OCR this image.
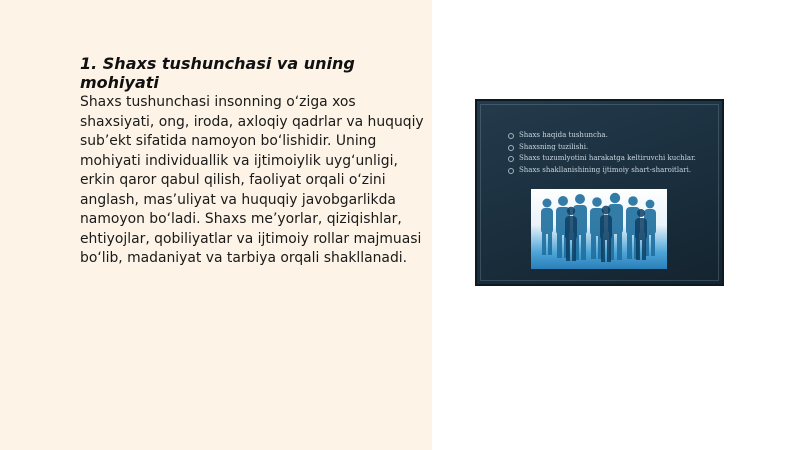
1. Shaxs tushunchasi va uning mohiyati

Shaxs tushunchasi insonning o‘ziga xos shaxsiyati, ong, iroda, axloqiy qadrlar va huquqiy sub’ekt sifatida namoyon bo‘lishidir. Uning mohiyati individuallik va ijtimoiylik uyg‘unligi, erkin qaror qabul qilish, faoliyat orqali o‘zini anglash, mas’uliyat va huquqiy javobgarlikda namoyon bo‘ladi. Shaxs me’yorlar, qiziqishlar, ehtiyojlar, qobiliyatlar va ijtimoiy rollar majmuasi bo‘lib, madaniyat va tarbiya orqali shakllanadi.

Shaxs haqida tushuncha.
Shaxsning tuzilishi.
Shaxs tuzumlyotini harakatga keltiruvchi kuchlar.
Shaxs shakllanishining ijtimoiy shart-sharoitlari.
